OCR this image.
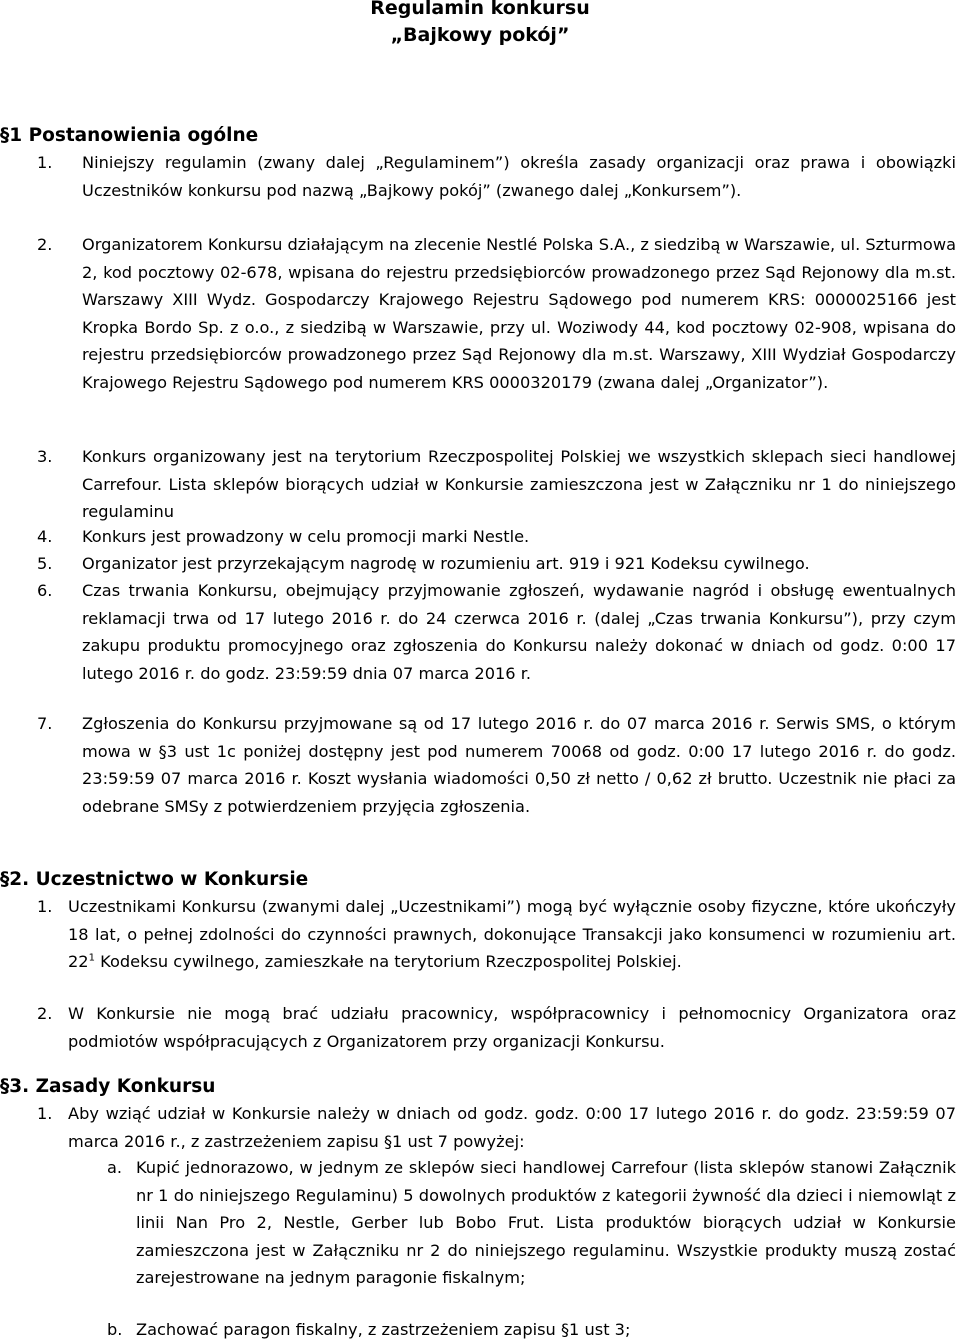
Regulamin konkursu
„Bajkowy pokój”
§1 Postanowienia ogólne
1. Niniejszy regulamin (zwany dalej „Regulaminem”) określa zasady organizacji oraz prawa i obowiązki Uczestników konkursu pod nazwą „Bajkowy pokój” (zwanego dalej „Konkursem”).
2. Organizatorem Konkursu działającym na zlecenie Nestlé Polska S.A., z siedzibą w Warszawie, ul. Szturmowa 2, kod pocztowy 02-678, wpisana do rejestru przedsiębiorców prowadzonego przez Sąd Rejonowy dla m.st. Warszawy XIII Wydz. Gospodarczy Krajowego Rejestru Sądowego pod numerem KRS: 0000025166 jest Kropka Bordo Sp. z o.o., z siedzibą w Warszawie, przy ul. Woziwody 44, kod pocztowy 02-908, wpisana do rejestru przedsiębiorców prowadzonego przez Sąd Rejonowy dla m.st. Warszawy, XIII Wydział Gospodarczy Krajowego Rejestru Sądowego pod numerem KRS 0000320179 (zwana dalej „Organizator”).
3. Konkurs organizowany jest na terytorium Rzeczpospolitej Polskiej we wszystkich sklepach sieci handlowej Carrefour. Lista sklepów biorących udział w Konkursie zamieszczona jest w Załączniku nr 1 do niniejszego regulaminu
4. Konkurs jest prowadzony w celu promocji marki Nestle.
5. Organizator jest przyrzekającym nagrodę w rozumieniu art. 919 i 921 Kodeksu cywilnego.
6. Czas trwania Konkursu, obejmujący przyjmowanie zgłoszeń, wydawanie nagród i obsługę ewentualnych reklamacji trwa od 17 lutego 2016 r. do 24 czerwca 2016 r. (dalej „Czas trwania Konkursu”), przy czym zakupu produktu promocyjnego oraz zgłoszenia do Konkursu należy dokonać w dniach od godz. 0:00 17 lutego 2016 r. do godz. 23:59:59 dnia 07 marca 2016 r.
7. Zgłoszenia do Konkursu przyjmowane są od 17 lutego 2016 r. do 07 marca 2016 r. Serwis SMS, o którym mowa w §3 ust 1c poniżej dostępny jest pod numerem 70068 od godz. 0:00 17 lutego 2016 r. do godz. 23:59:59 07 marca 2016 r. Koszt wysłania wiadomości 0,50 zł netto / 0,62 zł brutto. Uczestnik nie płaci za odebrane SMSy z potwierdzeniem przyjęcia zgłoszenia.
§2. Uczestnictwo w Konkursie
1. Uczestnikami Konkursu (zwanymi dalej „Uczestnikami”) mogą być wyłącznie osoby fizyczne, które ukończyły 18 lat, o pełnej zdolności do czynności prawnych, dokonujące Transakcji jako konsumenci w rozumieniu art. $22^1$ Kodeksu cywilnego, zamieszkałe na terytorium Rzeczpospolitej Polskiej.
2. W Konkursie nie mogą brać udziału pracownicy, współpracownicy i pełnomocnicy Organizatora oraz podmiotów współpracujących z Organizatorem przy organizacji Konkursu.
§3. Zasady Konkursu
1. Aby wziąć udział w Konkursie należy w dniach od godz. godz. 0:00 17 lutego 2016 r. do godz. 23:59:59 07 marca 2016 r., z zastrzeżeniem zapisu §1 ust 7 powyżej:
a. Kupić jednorazowo, w jednym ze sklepów sieci handlowej Carrefour (lista sklepów stanowi Załącznik nr 1 do niniejszego Regulaminu) 5 dowolnych produktów z kategorii żywność dla dzieci i niemowląt z linii Nan Pro 2, Nestle, Gerber lub Bobo Frut. Lista produktów biorących udział w Konkursie zamieszczona jest w Załączniku nr 2 do niniejszego regulaminu. Wszystkie produkty muszą zostać zarejestrowane na jednym paragonie fiskalnym;
b. Zachować paragon fiskalny, z zastrzeżeniem zapisu §1 ust 3;
